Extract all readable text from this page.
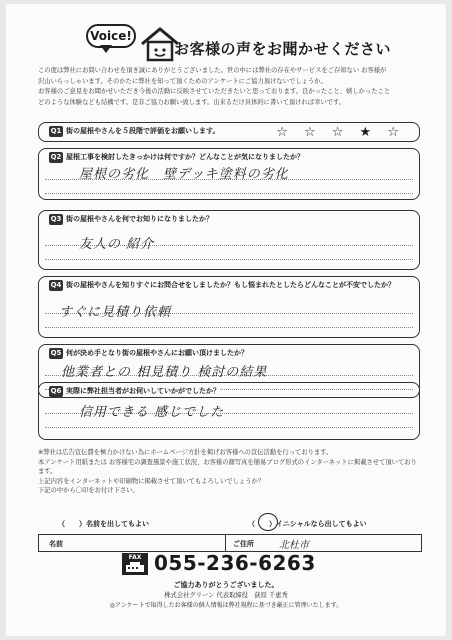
Voice!
お客様の声をお聞かせください
この度は弊社にお問い合わせを頂き誠にありがとうございました。世の中には弊社の存在やサービスをご存知ない お客様が
沢山いらっしゃいます。そのかたに弊社を知って頂くためのアンケートにご協力頂けないでしょうか。
お客様のご意見をお聞かせいただき今後の活動に反映させていただきたいと思っております。良かったこと、嬉しかったこと
どのような体験なども結構です。是非ご協力お願い致します。出来るだけ具体的に書いて頂ければ幸いです。
Q1 街の屋根やさんを５段階で評価をお願いします。	☆ ☆ ☆ ★ ☆
Q2 屋根工事を検討したきっかけは何ですか？どんなことが気になりましたか？
屋根の劣化　壁デッキ塗料の劣化
Q3 街の屋根やさんを何でお知りになりましたか？
友人の 紹介
Q4 街の屋根やさんを知りすぐにお問合せをしましたか？もし悩まれたとしたらどんなことが不安でしたか？
すぐに見積り依頼
Q5 何が決め手となり街の屋根やさんにお願い頂けましたか？
他業者との 相見積り 検討の結果
Q6 実際に弊社担当者がお伺いしていかがでしたか？
信用できる 感じでした
※弊社は広告宣伝費を極力かけない為にホームページ方針を掲げお客様への宣伝活動を行っております。
本アンケート用紙または お客様宅の調査風景や施工状況、お客様の顔写真を簡易ブログ形式のインターネットに掲載させて頂いております。
上記内容をインターネットや印刷物に掲載させて頂いてもよろしいでしょうか？
下記の中から〇印をお付け下さい。
（　　）名前を出してもよい	（　　）イニシャルなら出してもよい
名前	ご住所	北杜市
FAX 055-236-6263
ご協力ありがとうございました。
株式会社グリーン 代表取締役　荻原 千恵秀
◎アンケートで取得したお客様の個人情報は弊社規程に基づき厳正に管理いたします。
